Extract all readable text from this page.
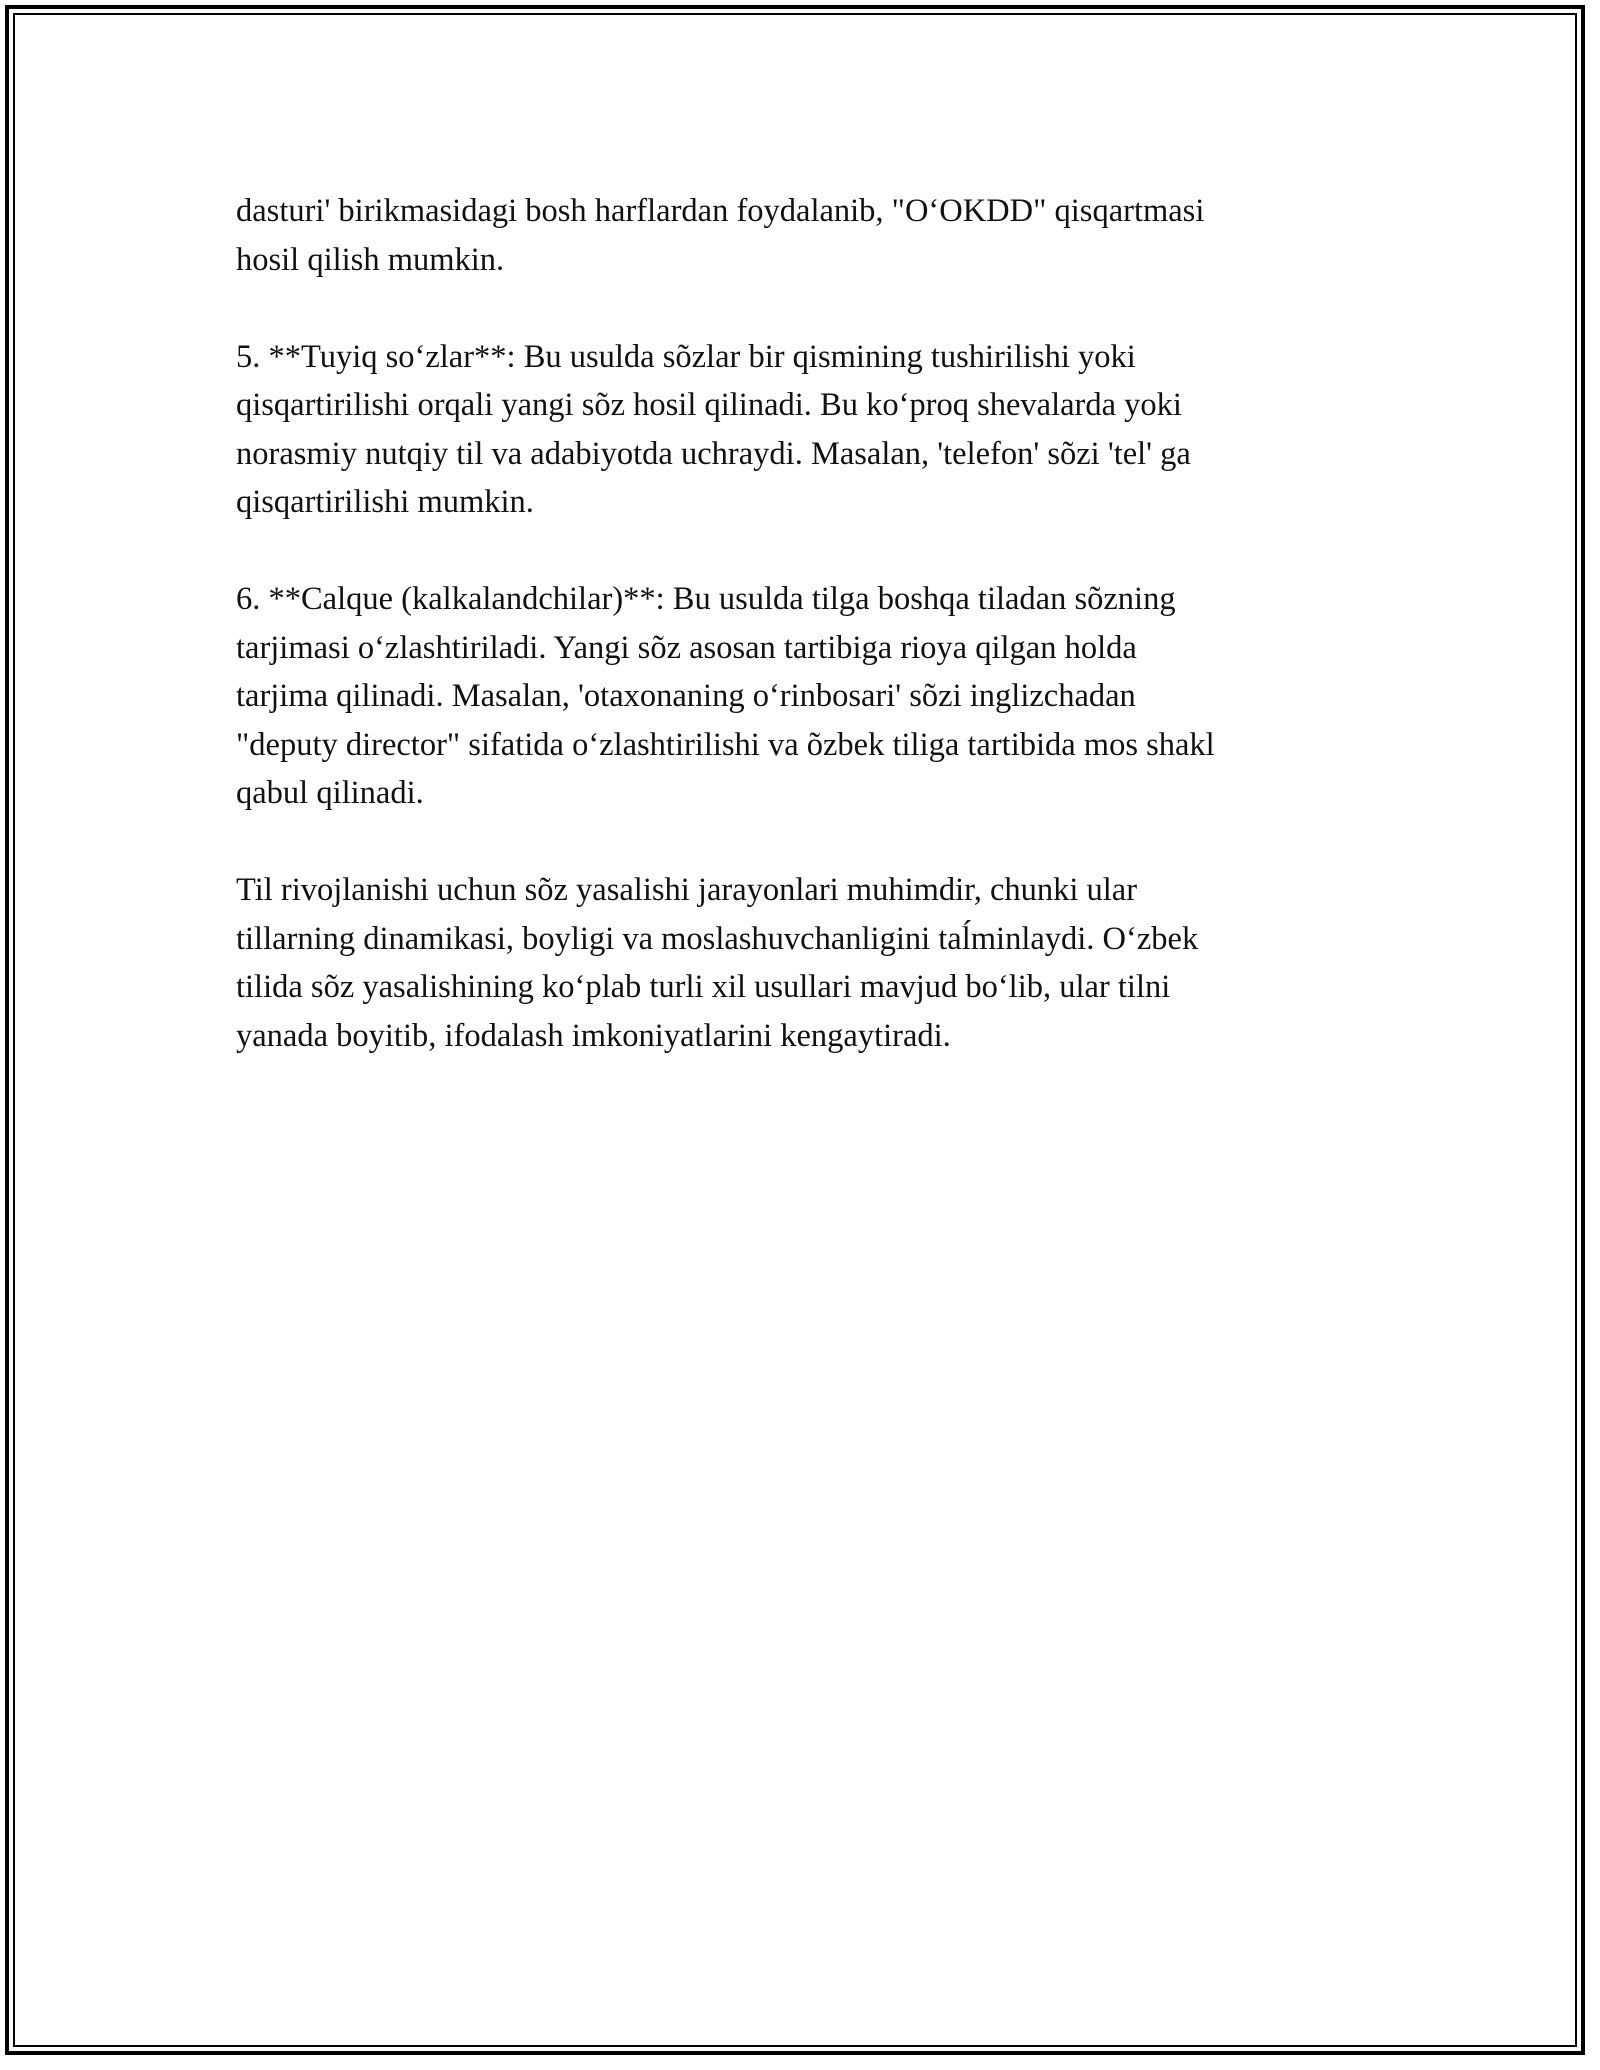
dasturi' birikmasidagi bosh harflardan foydalanib, "O‘OKDD" qisqartmasi
hosil qilish mumkin.

5. **Tuyiq so‘zlar**: Bu usulda sõzlar bir qismining tushirilishi yoki
qisqartirilishi orqali yangi sõz hosil qilinadi. Bu ko‘proq shevalarda yoki
norasmiy nutqiy til va adabiyotda uchraydi. Masalan, 'telefon' sõzi 'tel' ga
qisqartirilishi mumkin.

6. **Calque (kalkalandchilar)**: Bu usulda tilga boshqa tiladan sõzning
tarjimasi o‘zlashtiriladi. Yangi sõz asosan tartibiga rioya qilgan holda
tarjima qilinadi. Masalan, 'otaxonaning o‘rinbosari' sõzi inglizchadan
"deputy director" sifatida o‘zlashtirilishi va õzbek tiliga tartibida mos shakl
qabul qilinadi.

Til rivojlanishi uchun sõz yasalishi jarayonlari muhimdir, chunki ular
tillarning dinamikasi, boyligi va moslashuvchanligini taĺminlaydi. O‘zbek
tilida sõz yasalishining ko‘plab turli xil usullari mavjud bo‘lib, ular tilni
yanada boyitib, ifodalash imkoniyatlarini kengaytiradi.
